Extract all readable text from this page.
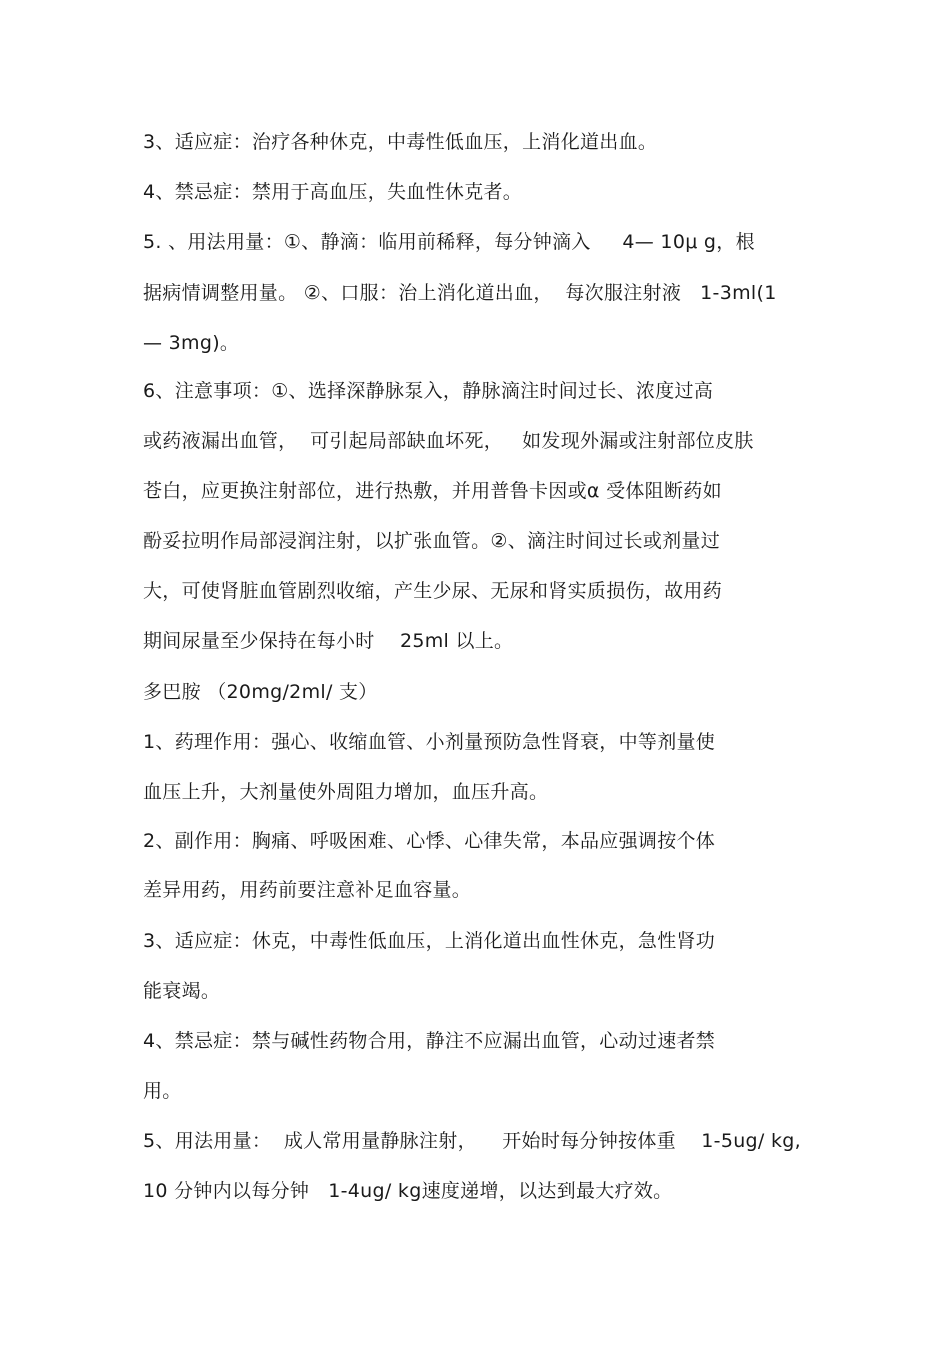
3、适应症：治疗各种休克，中毒性低血压，上消化道出血。
4、禁忌症：禁用于高血压，失血性休克者。
5. 、用法用量：①、静滴：临用前稀释，每分钟滴入     4— 10μ g，根
据病情调整用量。 ②、口服：治上消化道出血，  每次服注射液   1-3ml(1
— 3mg)。
6、注意事项：①、选择深静脉泵入，静脉滴注时间过长、浓度过高
或药液漏出血管，  可引起局部缺血坏死，   如发现外漏或注射部位皮肤
苍白，应更换注射部位，进行热敷，并用普鲁卡因或α 受体阻断药如
酚妥拉明作局部浸润注射，以扩张血管。②、滴注时间过长或剂量过
大，可使肾脏血管剧烈收缩，产生少尿、无尿和肾实质损伤，故用药
期间尿量至少保持在每小时    25ml 以上。
多巴胺 （20mg/2ml/ 支）
1、药理作用：强心、收缩血管、小剂量预防急性肾衰，中等剂量使
血压上升，大剂量使外周阻力增加，血压升高。
2、副作用：胸痛、呼吸困难、心悸、心律失常，本品应强调按个体
差异用药，用药前要注意补足血容量。
3、适应症：休克，中毒性低血压，上消化道出血性休克，急性肾功
能衰竭。
4、禁忌症：禁与碱性药物合用，静注不应漏出血管，心动过速者禁
用。
5、用法用量：  成人常用量静脉注射，    开始时每分钟按体重    1-5ug/ kg,
10 分钟内以每分钟   1-4ug/ kg速度递增，以达到最大疗效。
